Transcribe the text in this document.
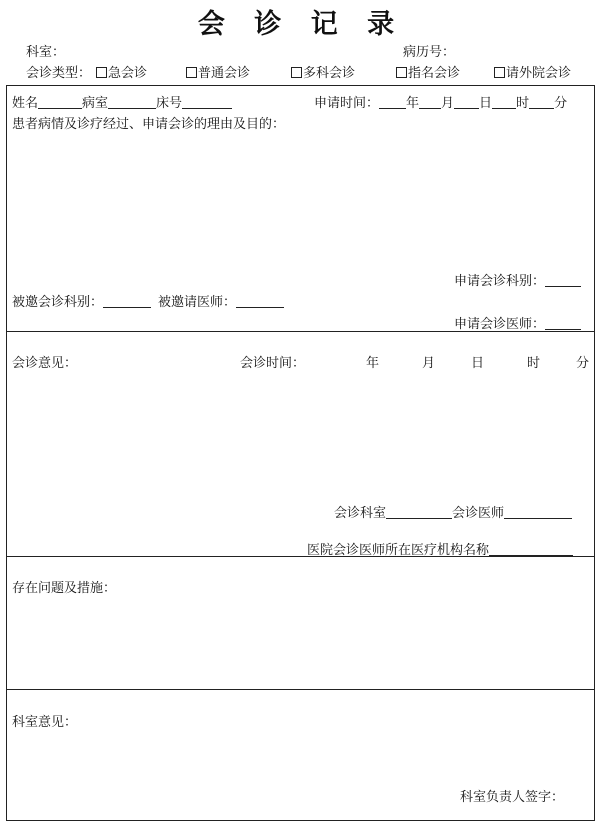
会 诊 记 录
科室：	病历号：
会诊类型：	急会诊	普通会诊	多科会诊	指名会诊	请外院会诊
姓名	病室	床号	申请时间： 年 月 日 时 分
患者病情及诊疗经过、申请会诊的理由及目的：
申请会诊科别：
被邀会诊科别：	被邀请医师：
申请会诊医师：
会诊意见：	会诊时间：	年	月	日	时	分
会诊科室	会诊医师
医院会诊医师所在医疗机构名称
存在问题及措施：
科室意见：
科室负责人签字：
